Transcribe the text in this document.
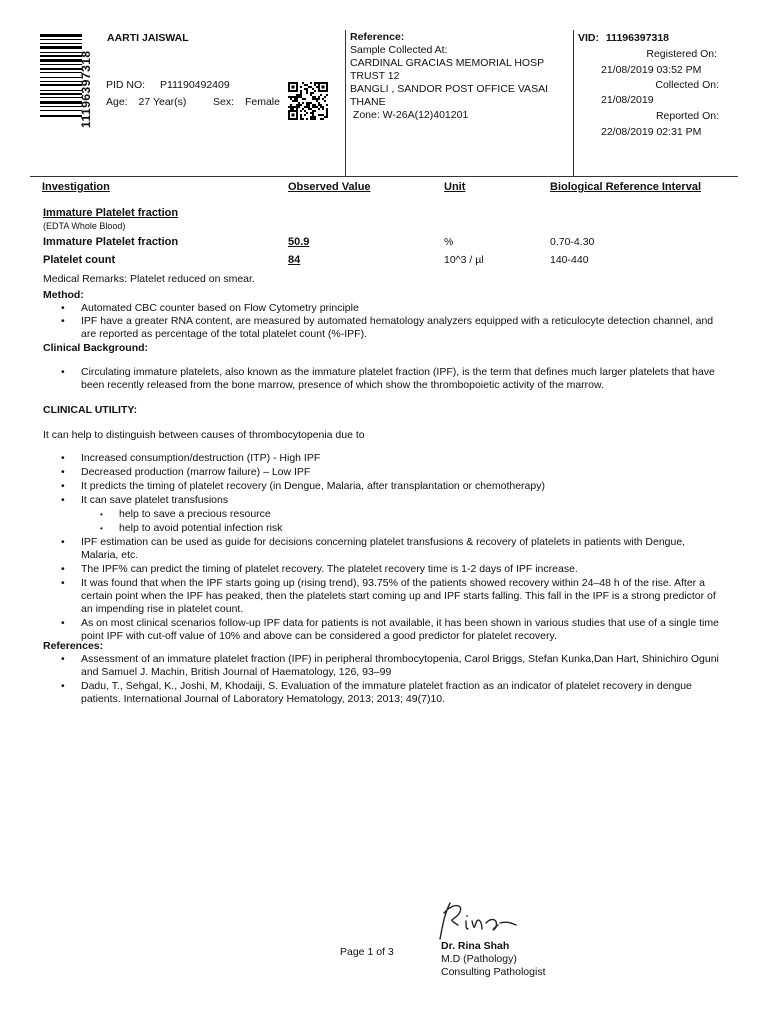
11196397318
AARTI JAISWAL
PID NO: P11190492409
Age: 27 Year(s)	Sex: Female
Reference:
Sample Collected At:
CARDINAL GRACIAS MEMORIAL HOSP
TRUST 12
BANGLI , SANDOR POST OFFICE VASAI
THANE
Zone: W-26A(12)401201
VID: 11196397318
Registered On:
21/08/2019 03:52 PM
Collected On:
21/08/2019
Reported On:
22/08/2019 02:31 PM
Investigation	Observed Value	Unit	Biological Reference Interval
Immature Platelet fraction
(EDTA Whole Blood)
Immature Platelet fraction	50.9	%	0.70-4.30
Platelet count	84	10^3 / µl	140-440
Medical Remarks: Platelet reduced on smear.
Method:
• Automated CBC counter based on Flow Cytometry principle
• IPF have a greater RNA content, are measured by automated hematology analyzers equipped with a reticulocyte detection channel, and are reported as percentage of the total platelet count (%-IPF).
Clinical Background:
• Circulating immature platelets, also known as the immature platelet fraction (IPF), is the term that defines much larger platelets that have been recently released from the bone marrow, presence of which show the thrombopoietic activity of the marrow.
CLINICAL UTILITY:
It can help to distinguish between causes of thrombocytopenia due to
• Increased consumption/destruction (ITP) - High IPF
• Decreased production (marrow failure) – Low IPF
• It predicts the timing of platelet recovery (in Dengue, Malaria, after transplantation or chemotherapy)
• It can save platelet transfusions
• help to save a precious resource
• help to avoid potential infection risk
• IPF estimation can be used as guide for decisions concerning platelet transfusions & recovery of platelets in patients with Dengue, Malaria, etc.
• The IPF% can predict the timing of platelet recovery. The platelet recovery time is 1-2 days of IPF increase.
• It was found that when the IPF starts going up (rising trend), 93.75% of the patients showed recovery within 24–48 h of the rise. After a certain point when the IPF has peaked, then the platelets start coming up and IPF starts falling. This fall in the IPF is a strong predictor of an impending rise in platelet count.
• As on most clinical scenarios follow-up IPF data for patients is not available, it has been shown in various studies that use of a single time point IPF with cut-off value of 10% and above can be considered a good predictor for platelet recovery.
References:
• Assessment of an immature platelet fraction (IPF) in peripheral thrombocytopenia, Carol Briggs, Stefan Kunka,Dan Hart, Shinichiro Oguni and Samuel J. Machin, British Journal of Haematology, 126, 93–99
• Dadu, T., Sehgal, K., Joshi, M, Khodaiji, S. Evaluation of the immature platelet fraction as an indicator of platelet recovery in dengue patients. International Journal of Laboratory Hematology, 2013; 2013; 49(7)10.
Page 1 of 3	Dr. Rina Shah
M.D (Pathology)
Consulting Pathologist
